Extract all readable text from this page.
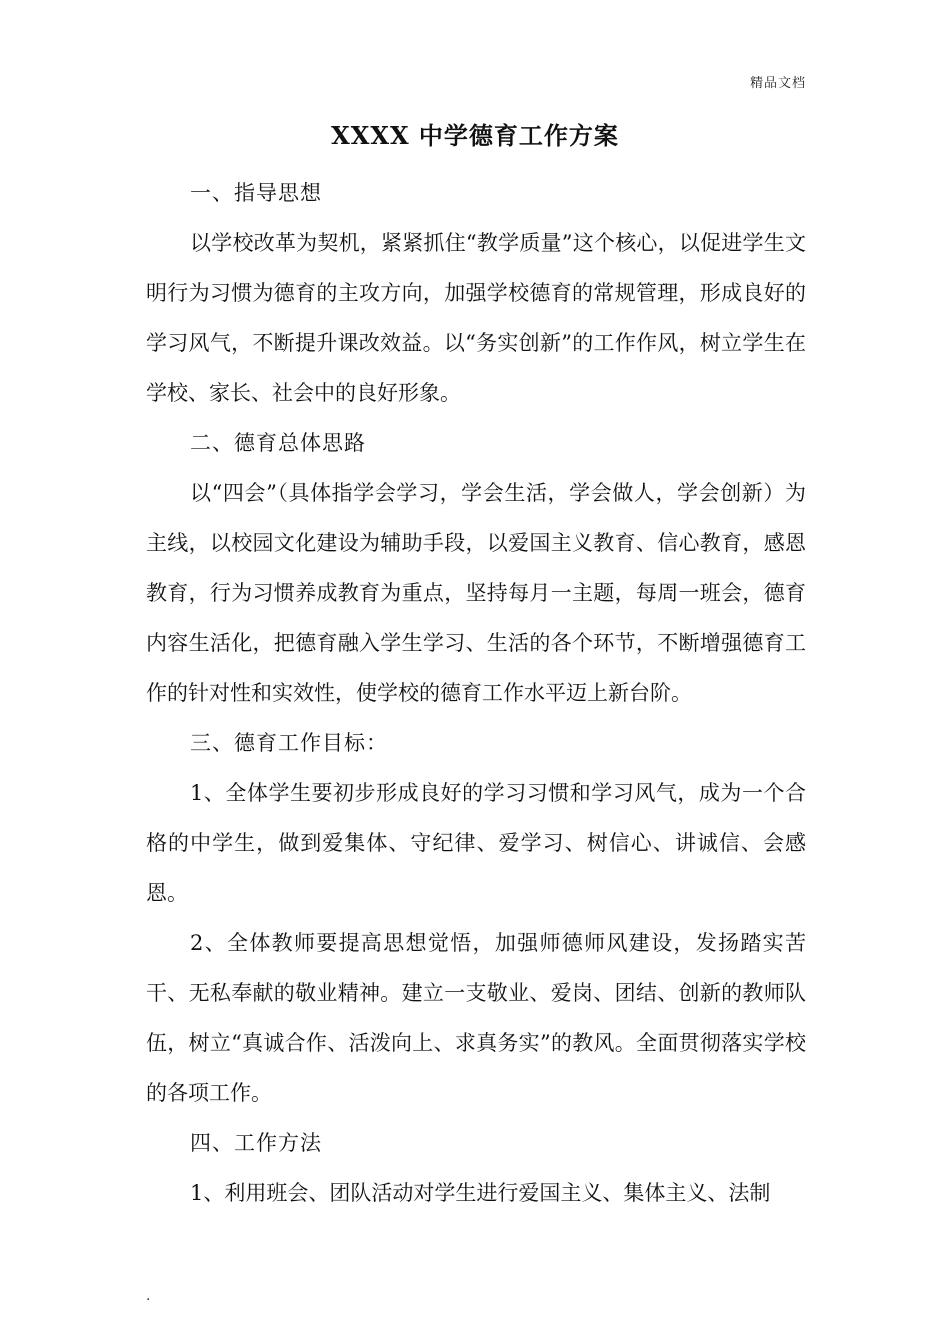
精品文档
XXXX 中学德育工作方案

一、指导思想

以学校改革为契机，紧紧抓住“教学质量”这个核心，以促进学生文明行为习惯为德育的主攻方向，加强学校德育的常规管理，形成良好的学习风气，不断提升课改效益。以“务实创新”的工作作风，树立学生在学校、家长、社会中的良好形象。

二、德育总体思路

以“四会”（具体指学会学习，学会生活，学会做人，学会创新）为主线，以校园文化建设为辅助手段，以爱国主义教育、信心教育，感恩教育，行为习惯养成教育为重点，坚持每月一主题，每周一班会，德育内容生活化，把德育融入学生学习、生活的各个环节，不断增强德育工作的针对性和实效性，使学校的德育工作水平迈上新台阶。

三、德育工作目标：

1、全体学生要初步形成良好的学习习惯和学习风气，成为一个合格的中学生，做到爱集体、守纪律、爱学习、树信心、讲诚信、会感恩。

2、全体教师要提高思想觉悟，加强师德师风建设，发扬踏实苦干、无私奉献的敬业精神。建立一支敬业、爱岗、团结、创新的教师队伍，树立“真诚合作、活泼向上、求真务实”的教风。全面贯彻落实学校的各项工作。

四、工作方法

1、利用班会、团队活动对学生进行爱国主义、集体主义、法制

.
